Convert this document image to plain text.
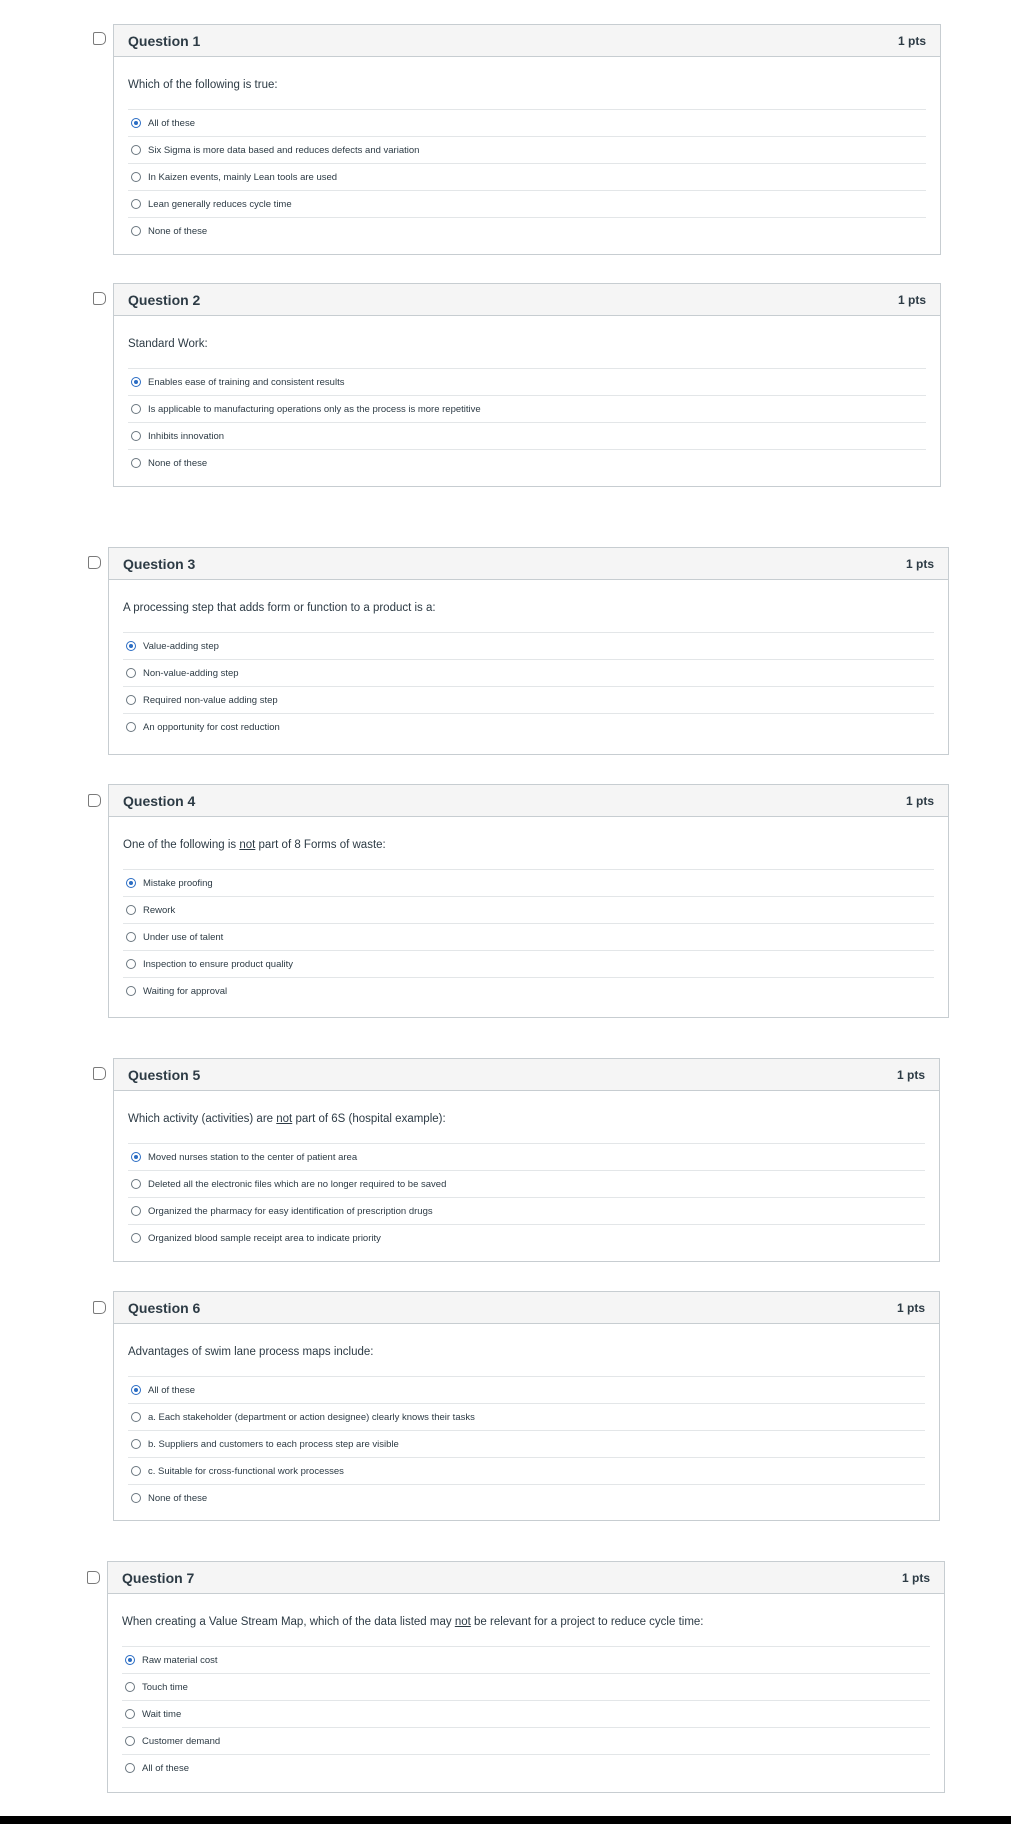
Question 1	1 pts
Which of the following is true:
All of these
Six Sigma is more data based and reduces defects and variation
In Kaizen events, mainly Lean tools are used
Lean generally reduces cycle time
None of these
Question 2	1 pts
Standard Work:
Enables ease of training and consistent results
Is applicable to manufacturing operations only as the process is more repetitive
Inhibits innovation
None of these
Question 3	1 pts
A processing step that adds form or function to a product is a:
Value-adding step
Non-value-adding step
Required non-value adding step
An opportunity for cost reduction
Question 4	1 pts
One of the following is not part of 8 Forms of waste:
Mistake proofing
Rework
Under use of talent
Inspection to ensure product quality
Waiting for approval
Question 5	1 pts
Which activity (activities) are not part of 6S (hospital example):
Moved nurses station to the center of patient area
Deleted all the electronic files which are no longer required to be saved
Organized the pharmacy for easy identification of prescription drugs
Organized blood sample receipt area to indicate priority
Question 6	1 pts
Advantages of swim lane process maps include:
All of these
a. Each stakeholder (department or action designee) clearly knows their tasks
b. Suppliers and customers to each process step are visible
c. Suitable for cross-functional work processes
None of these
Question 7	1 pts
When creating a Value Stream Map, which of the data listed may not be relevant for a project to reduce cycle time:
Raw material cost
Touch time
Wait time
Customer demand
All of these
